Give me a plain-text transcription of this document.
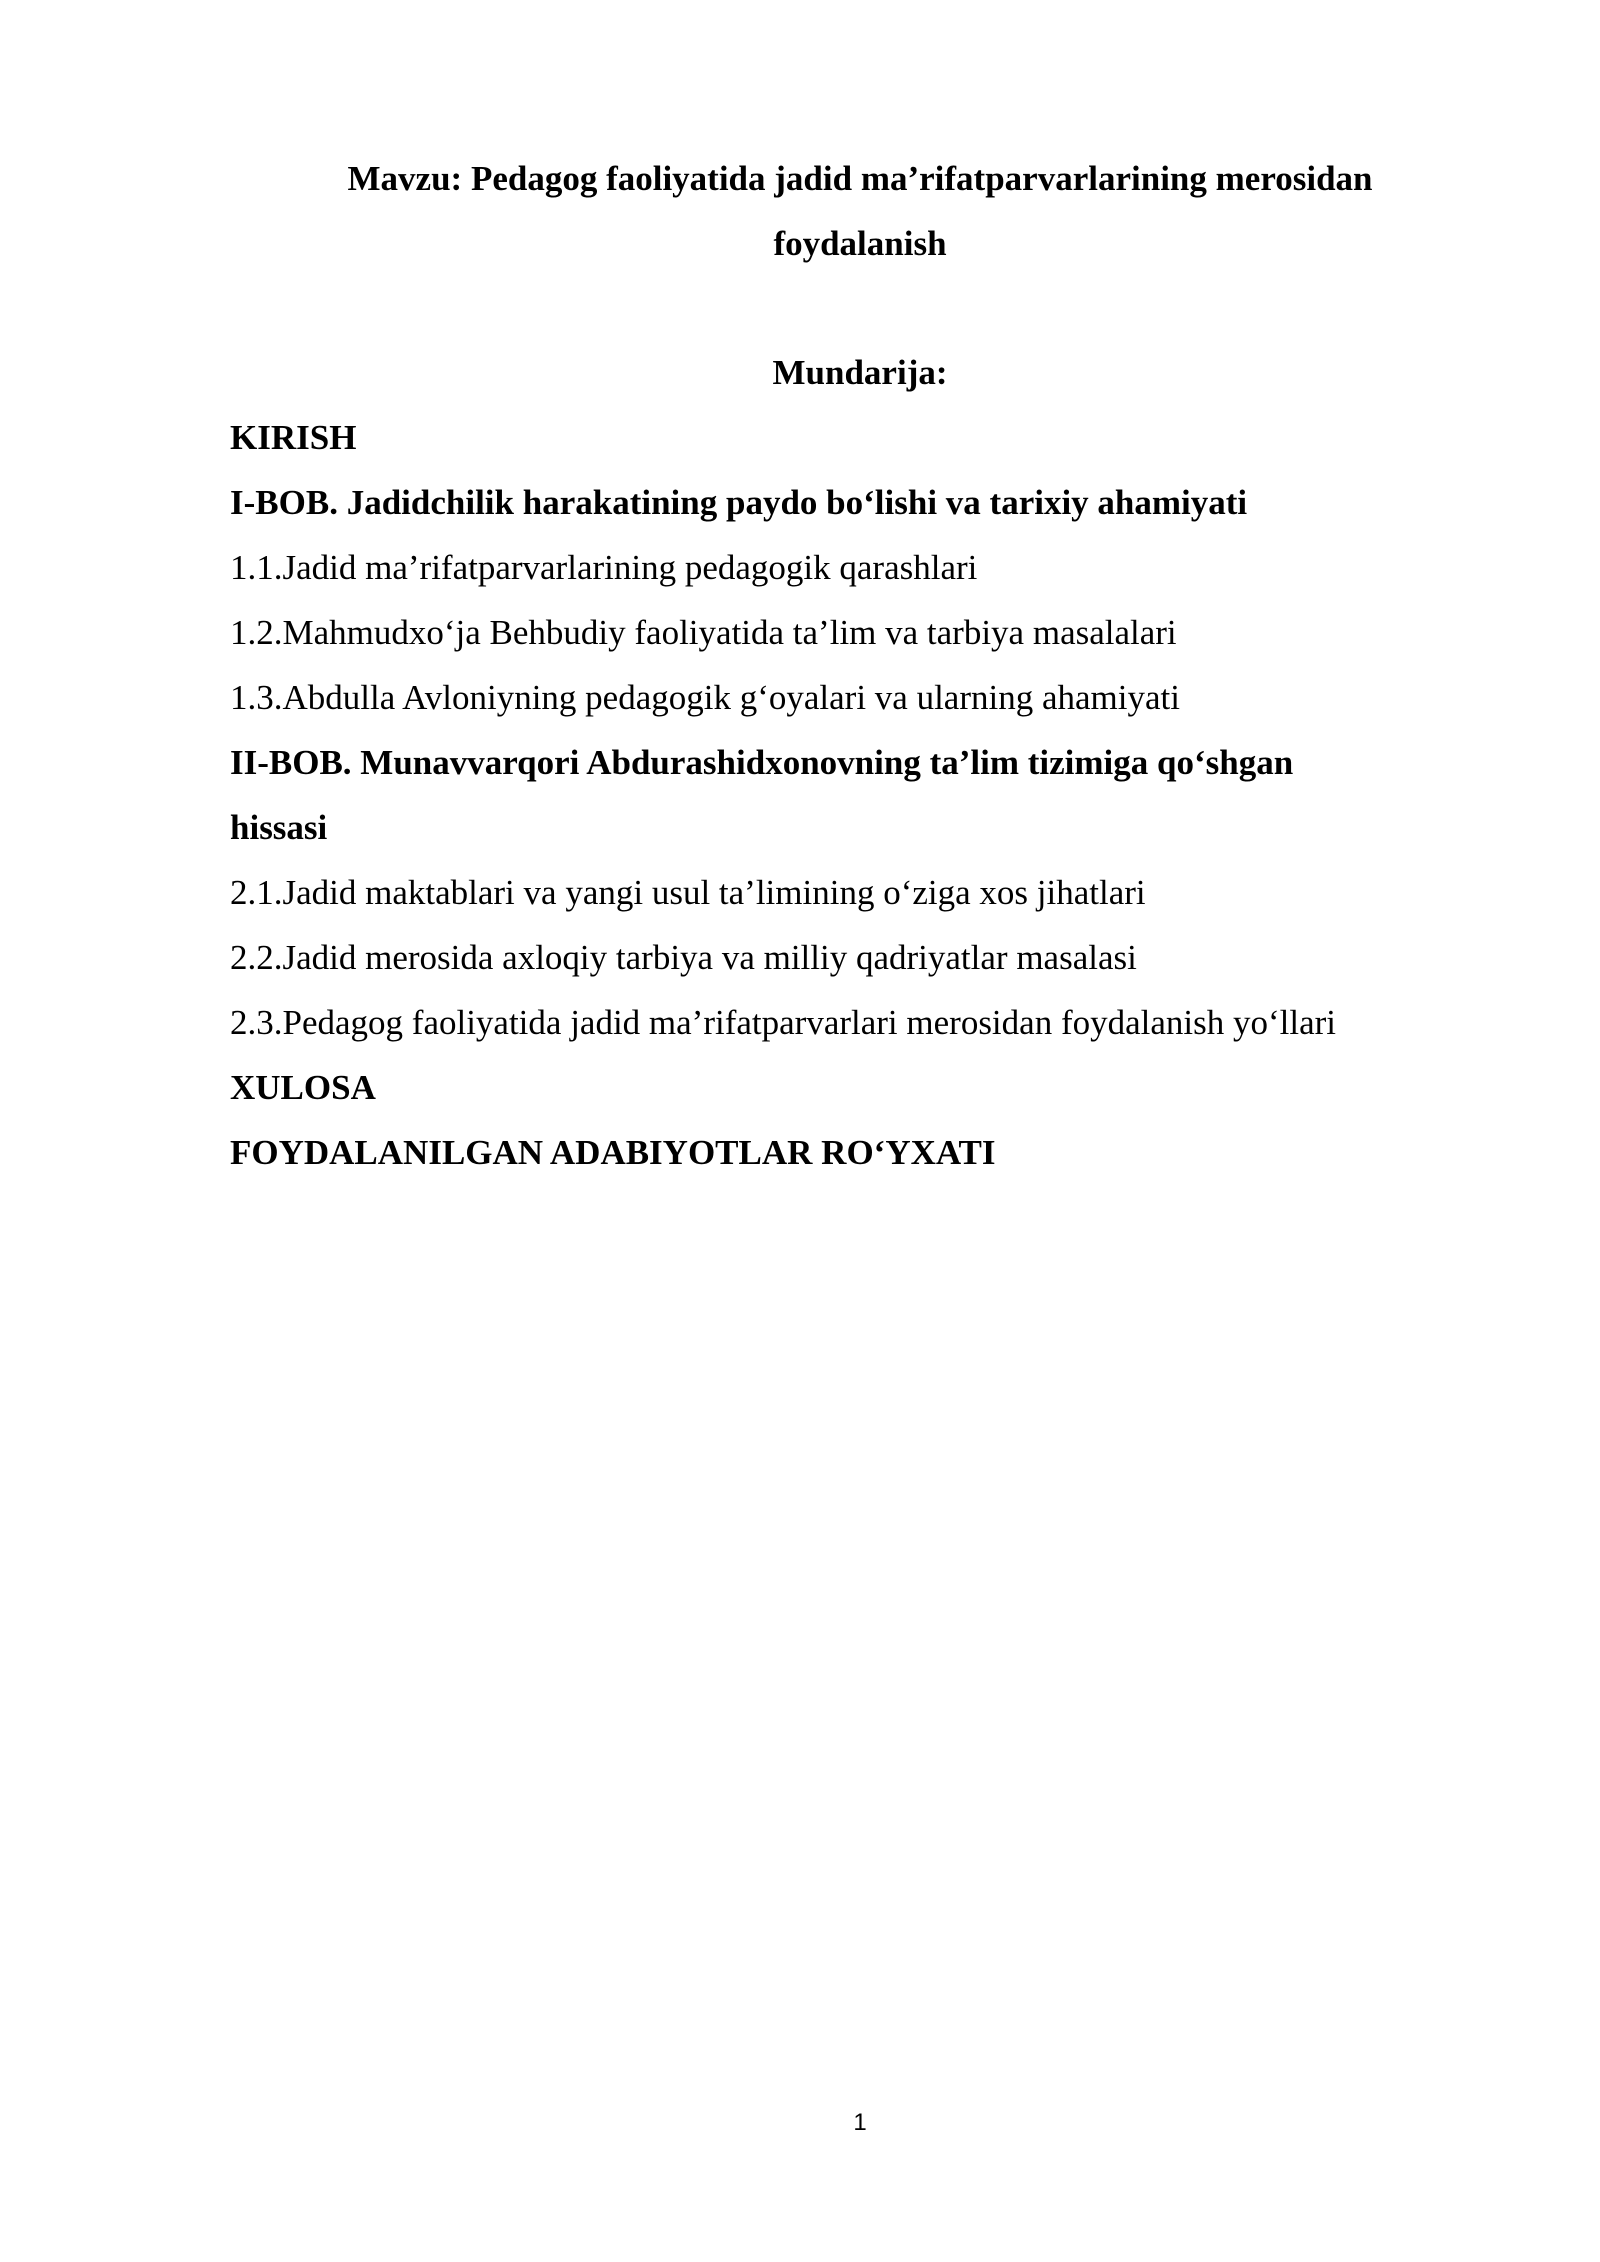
Mavzu: Pedagog faoliyatida jadid ma’rifatparvarlarining merosidan
foydalanish
Mundarija:
KIRISH
I-BOB. Jadidchilik harakatining paydo bo‘lishi va tarixiy ahamiyati
1.1.Jadid ma’rifatparvarlarining pedagogik qarashlari
1.2.Mahmudxo‘ja Behbudiy faoliyatida ta’lim va tarbiya masalalari
1.3.Abdulla Avloniyning pedagogik g‘oyalari va ularning ahamiyati
II-BOB. Munavvarqori Abdurashidxonovning ta’lim tizimiga qo‘shgan
hissasi
2.1.Jadid maktablari va yangi usul ta’limining o‘ziga xos jihatlari
2.2.Jadid merosida axloqiy tarbiya va milliy qadriyatlar masalasi
2.3.Pedagog faoliyatida jadid ma’rifatparvarlari merosidan foydalanish yo‘llari
XULOSA
FOYDALANILGAN ADABIYOTLAR RO‘YXATI
1
